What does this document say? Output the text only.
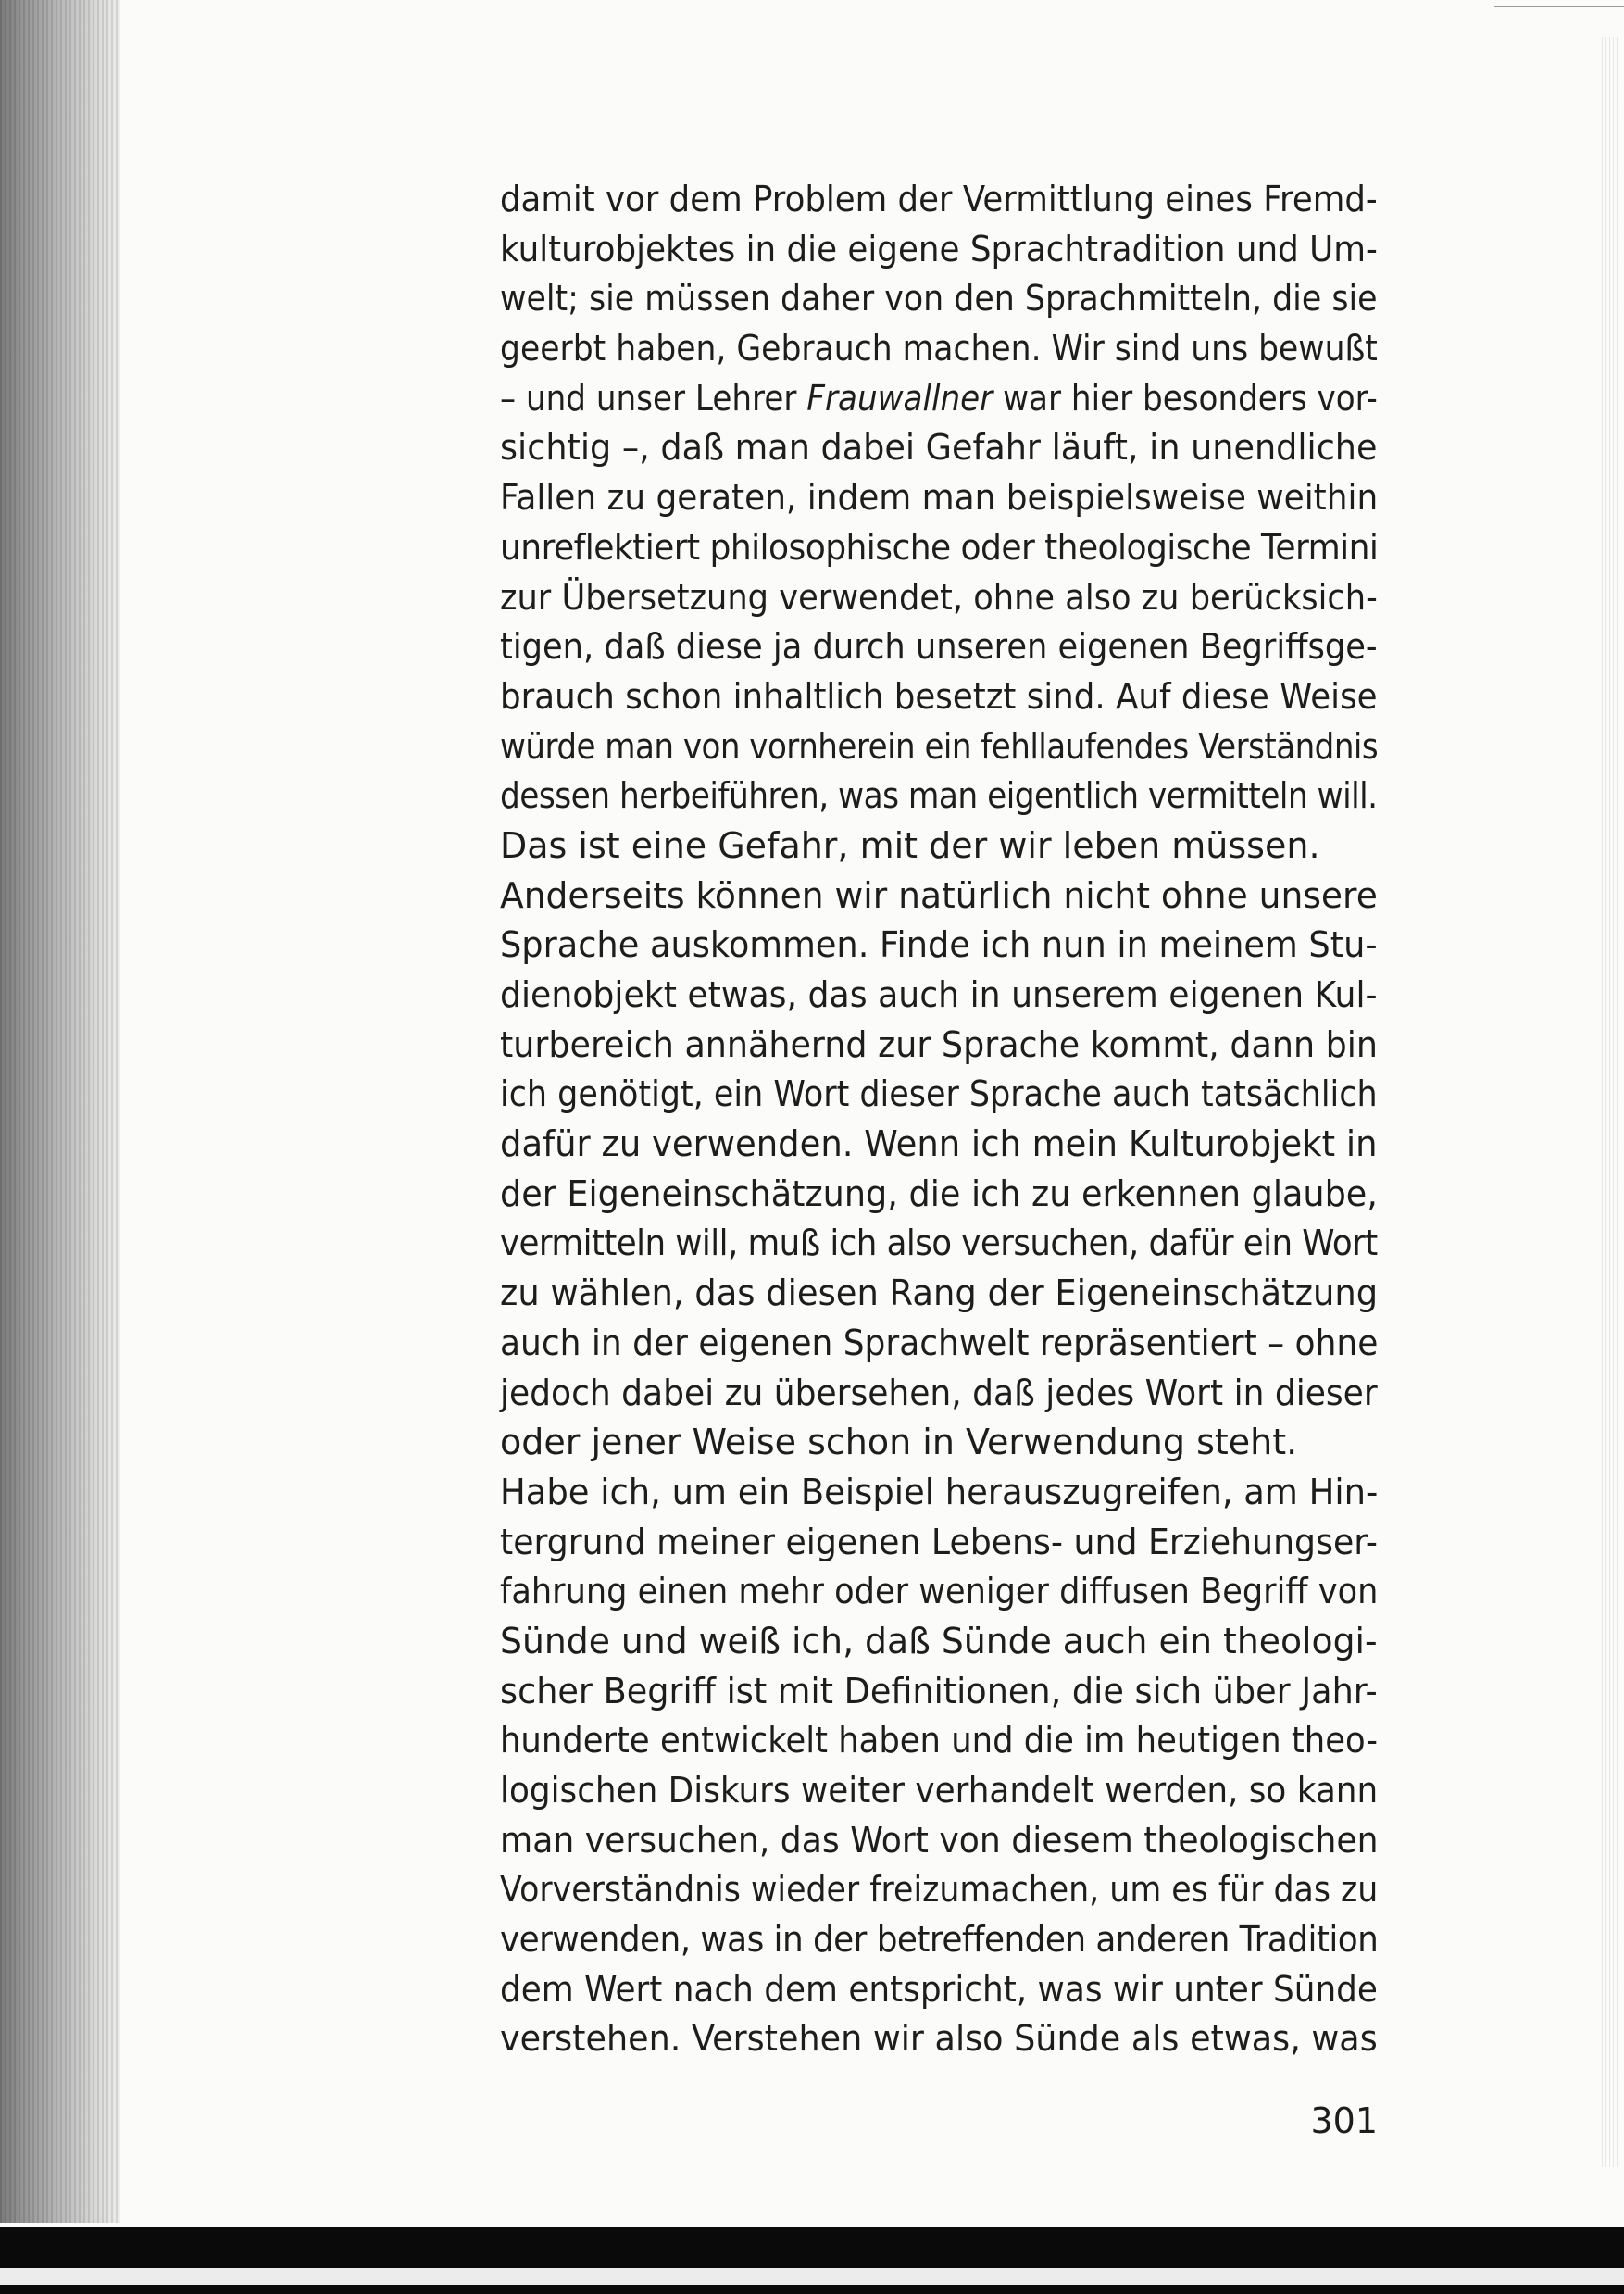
damit vor dem Problem der Vermittlung eines Fremd-
kulturobjektes in die eigene Sprachtradition und Um-
welt; sie müssen daher von den Sprachmitteln, die sie
geerbt haben, Gebrauch machen. Wir sind uns bewußt
– und unser Lehrer Frauwallner war hier besonders vor-
sichtig –, daß man dabei Gefahr läuft, in unendliche
Fallen zu geraten, indem man beispielsweise weithin
unreflektiert philosophische oder theologische Termini
zur Übersetzung verwendet, ohne also zu berücksich-
tigen, daß diese ja durch unseren eigenen Begriffsge-
brauch schon inhaltlich besetzt sind. Auf diese Weise
würde man von vornherein ein fehllaufendes Verständnis
dessen herbeiführen, was man eigentlich vermitteln will.
Das ist eine Gefahr, mit der wir leben müssen.
Anderseits können wir natürlich nicht ohne unsere
Sprache auskommen. Finde ich nun in meinem Stu-
dienobjekt etwas, das auch in unserem eigenen Kul-
turbereich annähernd zur Sprache kommt, dann bin
ich genötigt, ein Wort dieser Sprache auch tatsächlich
dafür zu verwenden. Wenn ich mein Kulturobjekt in
der Eigeneinschätzung, die ich zu erkennen glaube,
vermitteln will, muß ich also versuchen, dafür ein Wort
zu wählen, das diesen Rang der Eigeneinschätzung
auch in der eigenen Sprachwelt repräsentiert – ohne
jedoch dabei zu übersehen, daß jedes Wort in dieser
oder jener Weise schon in Verwendung steht.
Habe ich, um ein Beispiel herauszugreifen, am Hin-
tergrund meiner eigenen Lebens- und Erziehungser-
fahrung einen mehr oder weniger diffusen Begriff von
Sünde und weiß ich, daß Sünde auch ein theologi-
scher Begriff ist mit Definitionen, die sich über Jahr-
hunderte entwickelt haben und die im heutigen theo-
logischen Diskurs weiter verhandelt werden, so kann
man versuchen, das Wort von diesem theologischen
Vorverständnis wieder freizumachen, um es für das zu
verwenden, was in der betreffenden anderen Tradition
dem Wert nach dem entspricht, was wir unter Sünde
verstehen. Verstehen wir also Sünde als etwas, was
301
